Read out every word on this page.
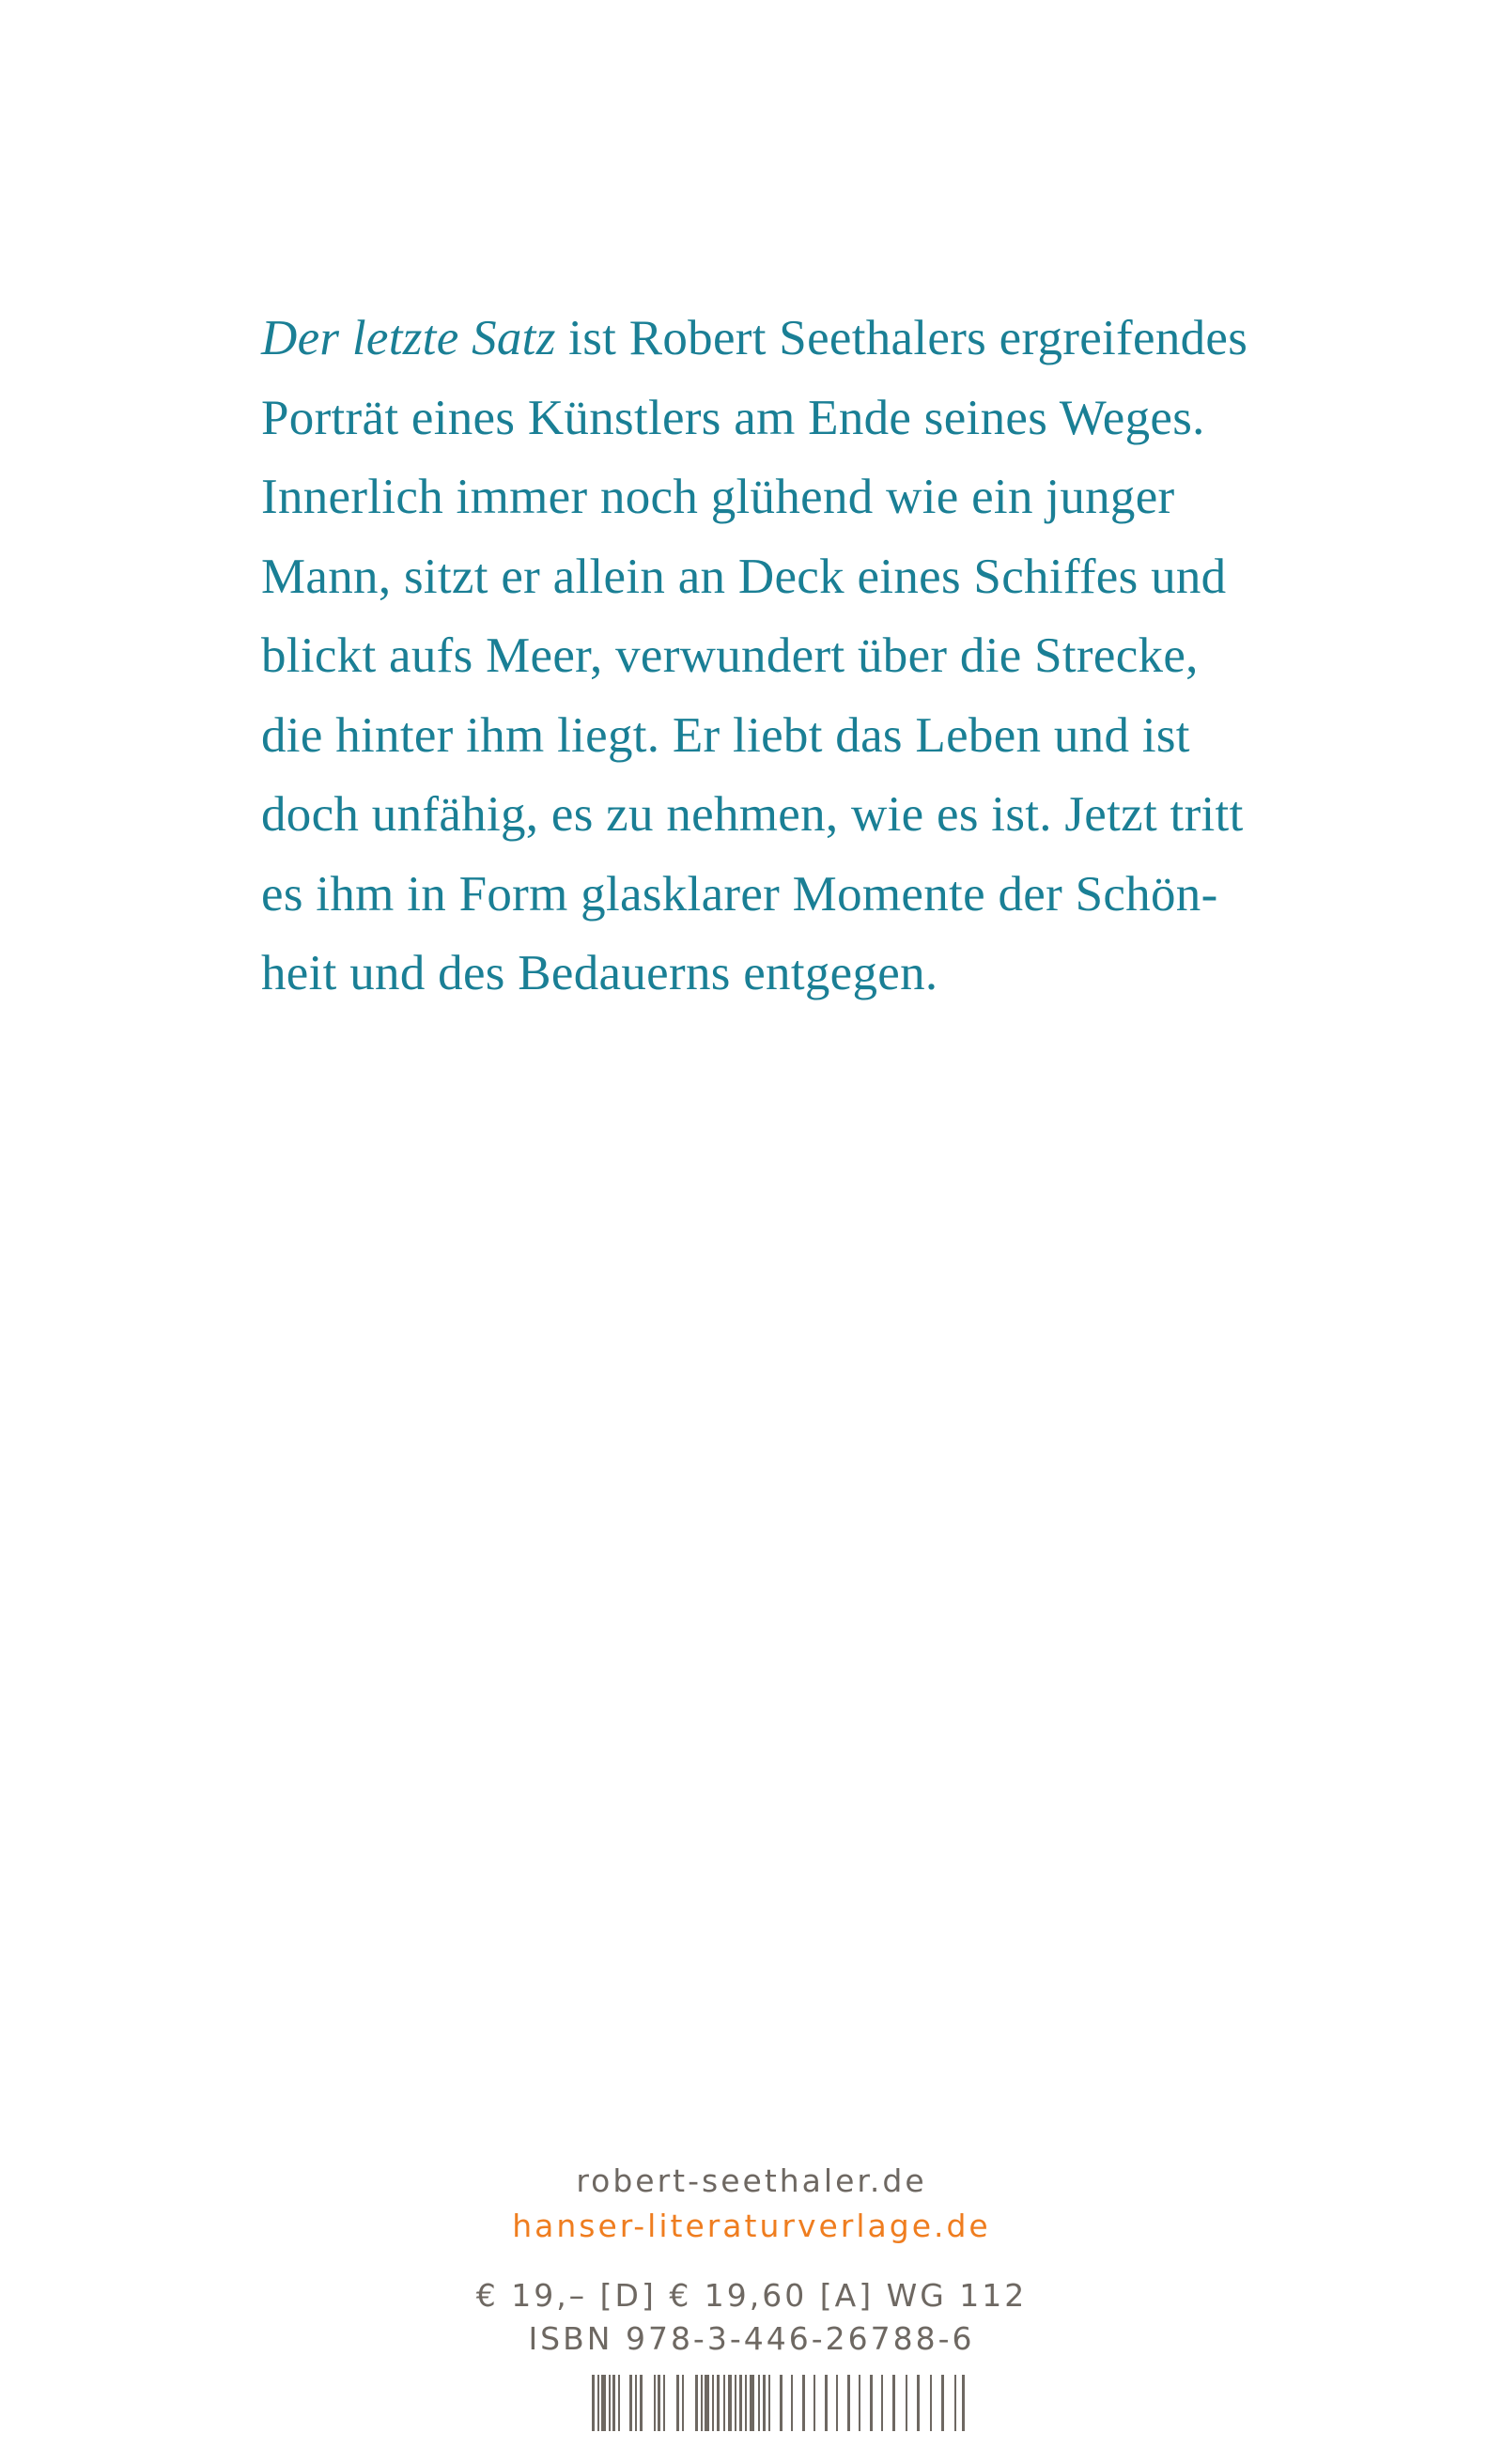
Der letzte Satz ist Robert Seethalers ergreifendes
Porträt eines Künstlers am Ende seines Weges.
Innerlich immer noch glühend wie ein junger
Mann, sitzt er allein an Deck eines Schiffes und
blickt aufs Meer, verwundert über die Strecke,
die hinter ihm liegt. Er liebt das Leben und ist
doch unfähig, es zu nehmen, wie es ist. Jetzt tritt
es ihm in Form glasklarer Momente der Schön-
heit und des Bedauerns entgegen.
robert-seethaler.de
hanser-literaturverlage.de
€ 19,– [D] € 19,60 [A] WG 112
ISBN 978-3-446-26788-6
